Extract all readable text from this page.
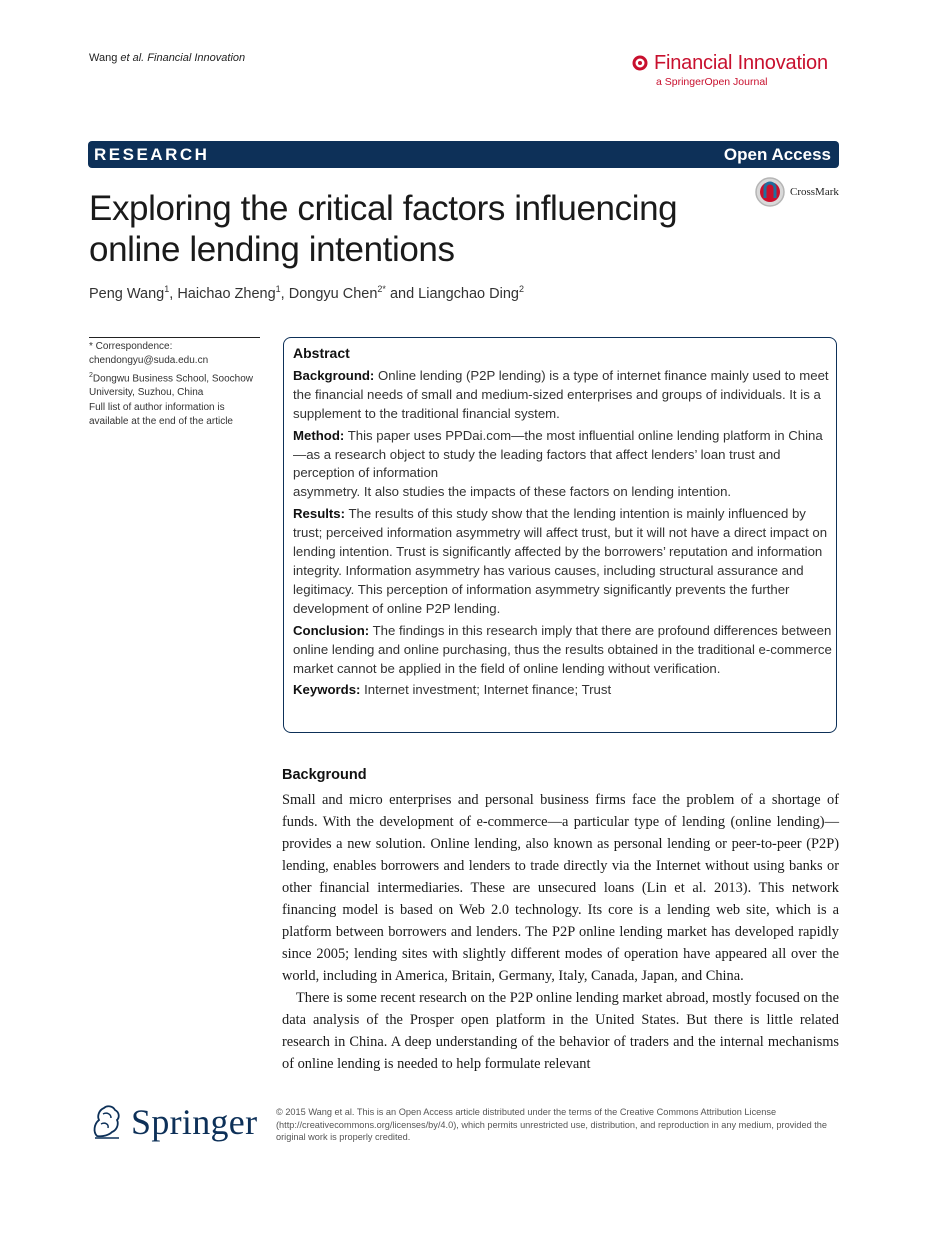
Wang et al. Financial Innovation	Financial Innovation
a SpringerOpen Journal
RESEARCH	Open Access
Exploring the critical factors influencing online lending intentions
CrossMark
Peng Wang$^1$, Haichao Zheng$^1$, Dongyu Chen$^{2*}$ and Liangchao Ding$^2$
* Correspondence:
chendongyu@suda.edu.cn
$^2$Dongwu Business School, Soochow University, Suzhou, China
Full list of author information is available at the end of the article
Abstract

Background: Online lending (P2P lending) is a type of internet finance mainly used to meet the financial needs of small and medium-sized enterprises and groups of individuals. It is a supplement to the traditional financial system.

Method: This paper uses PPDai.com—the most influential online lending platform in China—as a research object to study the leading factors that affect lenders’ loan trust and perception of information

asymmetry. It also studies the impacts of these factors on lending intention.

Results: The results of this study show that the lending intention is mainly influenced by trust; perceived information asymmetry will affect trust, but it will not have a direct impact on lending intention. Trust is significantly affected by the borrowers’ reputation and information integrity. Information asymmetry has various causes, including structural assurance and legitimacy. This perception of information asymmetry significantly prevents the further development of online P2P lending.

Conclusion: The findings in this research imply that there are profound differences between online lending and online purchasing, thus the results obtained in the traditional e-commerce market cannot be applied in the field of online lending without verification.

Keywords: Internet investment; Internet finance; Trust

Background

Small and micro enterprises and personal business firms face the problem of a shortage of funds. With the development of e-commerce—a particular type of lending (online lending)—provides a new solution. Online lending, also known as personal lending or peer-to-peer (P2P) lending, enables borrowers and lenders to trade directly via the Internet without using banks or other financial intermediaries. These are unsecured loans (Lin et al. 2013). This network financing model is based on Web 2.0 technology. Its core is a lending web site, which is a platform between borrowers and lenders. The P2P online lending market has developed rapidly since 2005; lending sites with slightly different modes of operation have appeared all over the world, including in America, Britain, Germany, Italy, Canada, Japan, and China.

There is some recent research on the P2P online lending market abroad, mostly focused on the data analysis of the Prosper open platform in the United States. But there is little related research in China. A deep understanding of the behavior of traders and the internal mechanisms of online lending is needed to help formulate relevant

Springer © 2015 Wang et al. This is an Open Access article distributed under the terms of the Creative Commons Attribution License (http://creativecommons.org/licenses/by/4.0), which permits unrestricted use, distribution, and reproduction in any medium, provided the original work is properly credited.
